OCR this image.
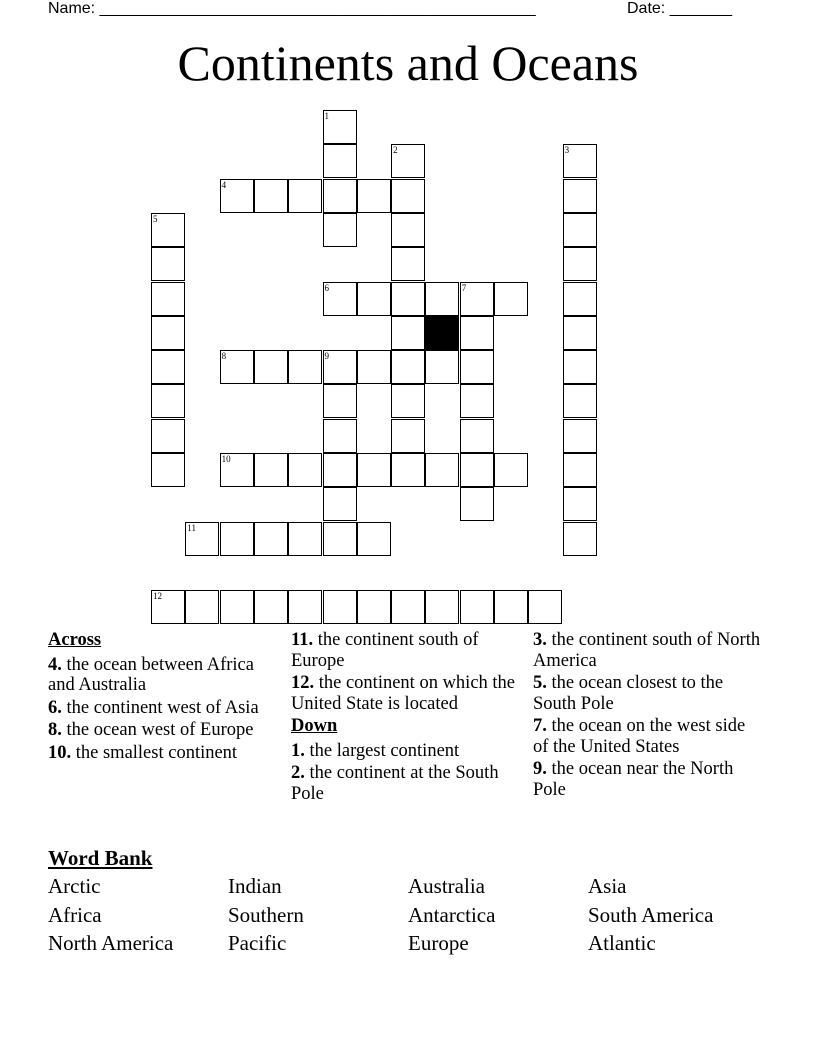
Name: _________________________________________________	Date: _______
Continents and Oceans
4
6	7
8	9
10
11
12
1
2	3
5
Across
4. the ocean between Africa and Australia
6. the continent west of Asia
8. the ocean west of Europe
10. the smallest continent
11. the continent south of Europe
12. the continent on which the United State is located
Down
1. the largest continent
2. the continent at the South Pole
3. the continent south of North America
5. the ocean closest to the South Pole
7. the ocean on the west side of the United States
9. the ocean near the North Pole
Word Bank
Arctic	Indian	Australia	Asia
Africa	Southern	Antarctica	South America
North America	Pacific	Europe	Atlantic
